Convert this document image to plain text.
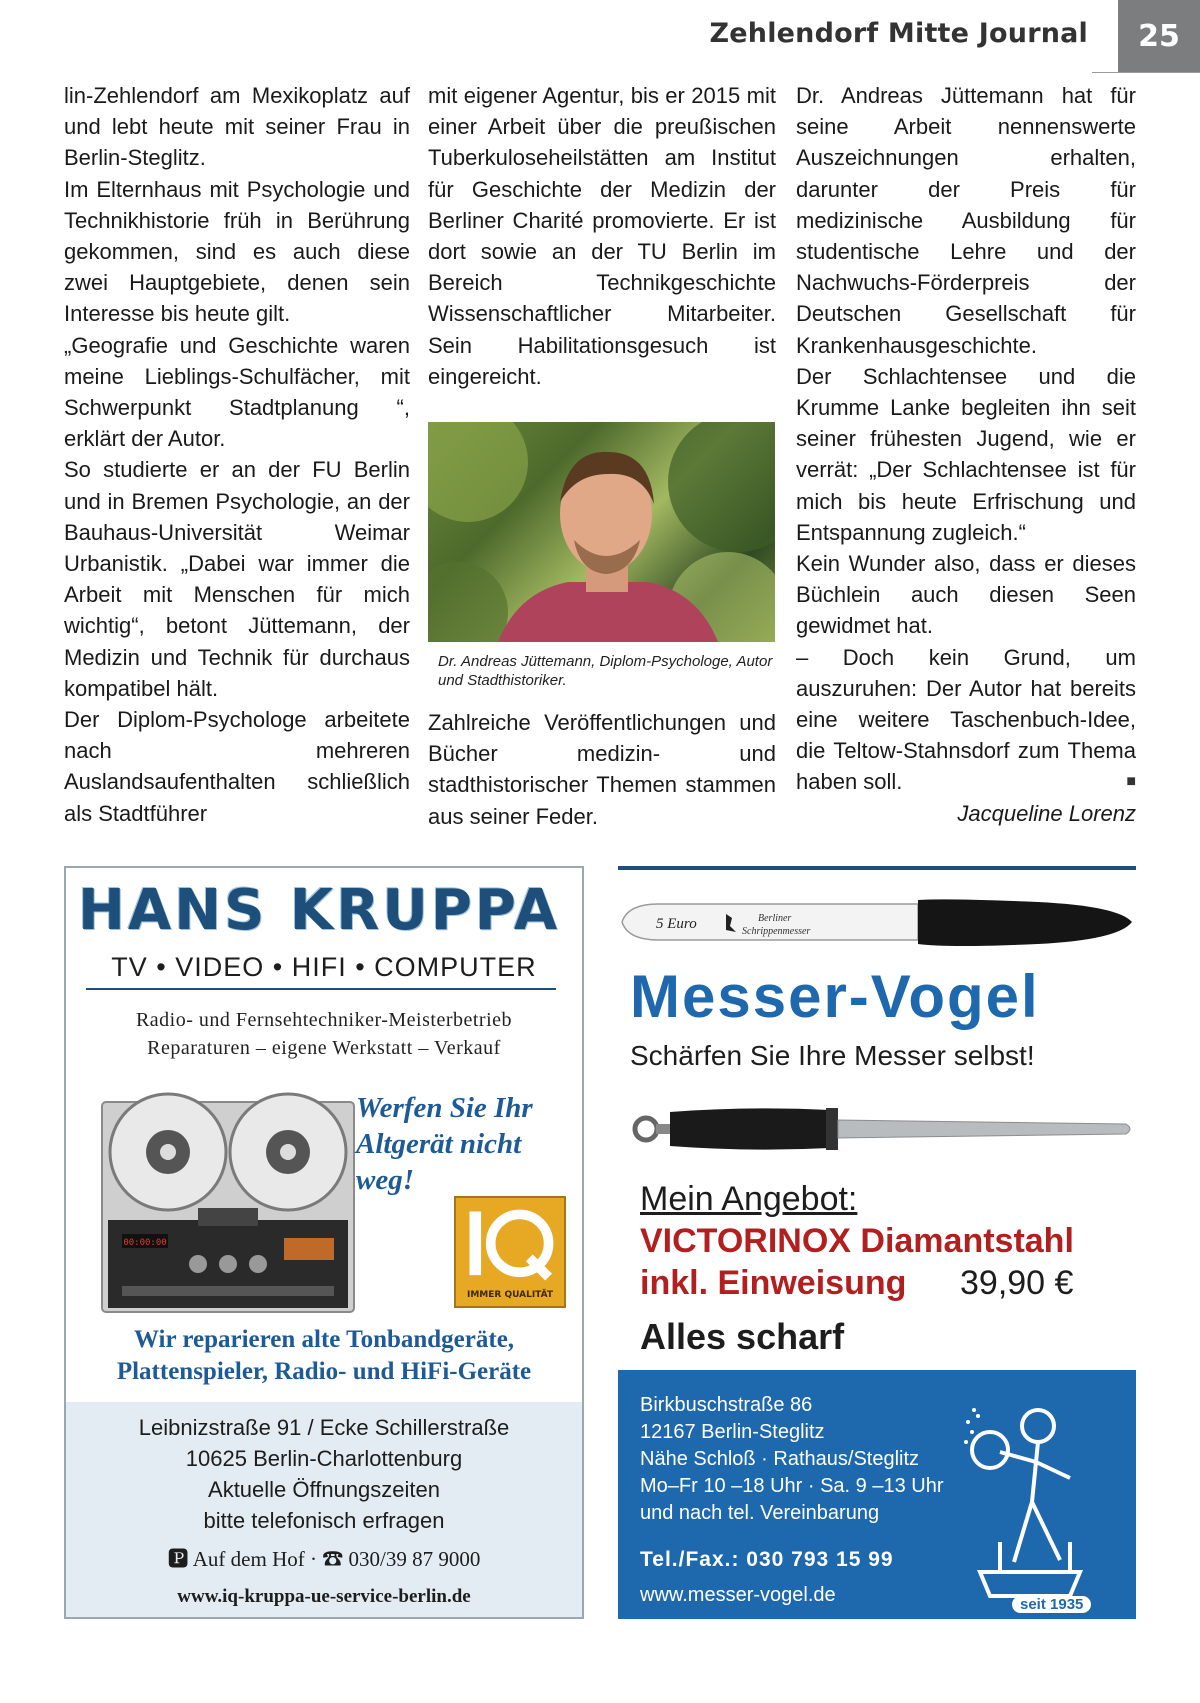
Zehlendorf Mitte Journal	25

lin-Zehlendorf am Mexikoplatz auf und lebt heute mit seiner Frau in Berlin-Steglitz.

Im Elternhaus mit Psychologie und Technikhistorie früh in Berührung gekommen, sind es auch diese zwei Hauptgebiete, denen sein Interesse bis heute gilt.

„Geografie und Geschichte waren meine Lieblings-Schulfächer, mit Schwerpunkt Stadtplanung “, erklärt der Autor.

So studierte er an der FU Berlin und in Bremen Psychologie, an der Bauhaus-Universität Weimar Urbanistik. „Dabei war immer die Arbeit mit Menschen für mich wichtig“, betont Jüttemann, der Medizin und Technik für durchaus kompatibel hält.

Der Diplom-Psychologe arbeitete nach mehreren Auslandsaufenthalten schließlich als Stadtführer

mit eigener Agentur, bis er 2015 mit einer Arbeit über die preußischen Tuberkuloseheilstätten am Institut für Geschichte der Medizin der Berliner Charité promovierte. Er ist dort sowie an der TU Berlin im Bereich Technikgeschichte Wissenschaftlicher Mitarbeiter. Sein Habilitationsgesuch ist eingereicht.

Dr. Andreas Jüttemann, Diplom-Psychologe, Autor und Stadthistoriker.

Zahlreiche Veröffentlichungen und Bücher medizin- und stadthistorischer Themen stammen aus seiner Feder.

Dr. Andreas Jüttemann hat für seine Arbeit nennenswerte Auszeichnungen erhalten, darunter der Preis für medizinische Ausbildung für studentische Lehre und der Nachwuchs-Förderpreis der Deutschen Gesellschaft für Krankenhausgeschichte.

Der Schlachtensee und die Krumme Lanke begleiten ihn seit seiner frühesten Jugend, wie er verrät: „Der Schlachtensee ist für mich bis heute Erfrischung und Entspannung zugleich.“

Kein Wunder also, dass er dieses Büchlein auch diesen Seen gewidmet hat.

– Doch kein Grund, um auszuruhen: Der Autor hat bereits eine weitere Taschenbuch-Idee, die Teltow-Stahnsdorf zum Thema haben soll.	■

Jacqueline Lorenz
HANS KRUPPA
TV • VIDEO • HIFI • COMPUTER
Radio- und Fernsehtechniker-Meisterbetrieb
Reparaturen – eigene Werkstatt – Verkauf
00:00:00
Werfen Sie Ihr
Altgerät nicht
weg!
IMMER QUALITÄT
Wir reparieren alte Tonbandgeräte,
Plattenspieler, Radio- und HiFi-Geräte
Leibnizstraße 91 / Ecke Schillerstraße
10625 Berlin-Charlottenburg
Aktuelle Öffnungszeiten
bitte telefonisch erfragen
🅿 Auf dem Hof · ☎ 030/39 87 9000
www.iq-kruppa-ue-service-berlin.de
5 Euro	Berliner
Schrippenmesser
Messer-Vogel
Schärfen Sie Ihre Messer selbst!
Mein Angebot:
VICTORINOX Diamantstahl
inkl. Einweisung 39,90 €
Alles scharf
Birkbuschstraße 86
12167 Berlin-Steglitz
Nähe Schloß · Rathaus/Steglitz
Mo–Fr 10 –18 Uhr · Sa. 9 –13 Uhr
und nach tel. Vereinbarung
Tel./Fax.: 030 793 15 99
www.messer-vogel.de	seit 1935
